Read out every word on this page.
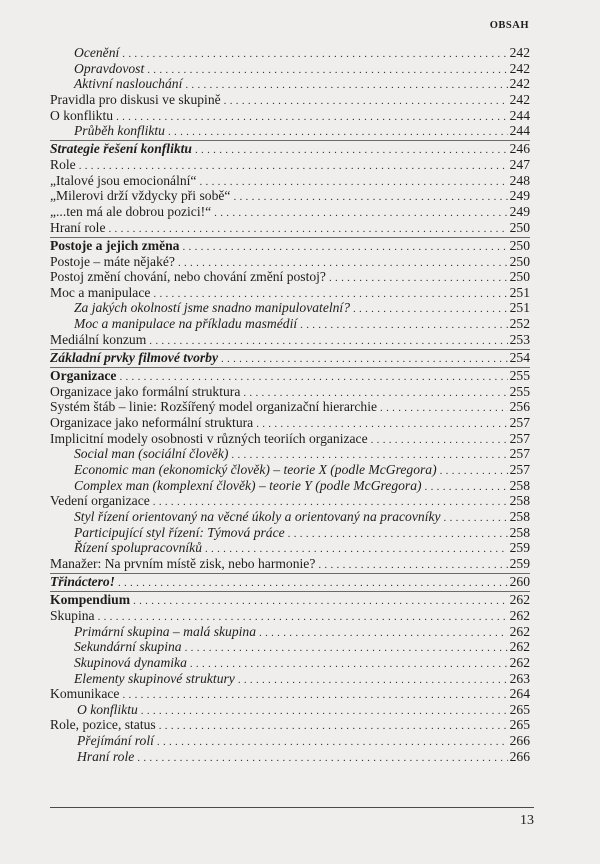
OBSAH
Ocenění .....	242
Opravdovost .....	242
Aktivní naslouchání .....	242
Pravidla pro diskusi ve skupině .....	242
O konfliktu .....	244
Průběh konfliktu .....	244
Strategie řešení konfliktu .....	246
Role .....	247
„Italové jsou emocionální“ .....	248
„Milerovi drží vždycky při sobě“ .....	249
„...ten má ale dobrou pozici!“ .....	249
Hraní role .....	250
Postoje a jejich změna .....	250
Postoje – máte nějaké? .....	250
Postoj změní chování, nebo chování změní postoj? .....	250
Moc a manipulace .....	251
Za jakých okolností jsme snadno manipulovatelní? .....	251
Moc a manipulace na příkladu masmédií .....	252
Mediální konzum .....	253
Základní prvky filmové tvorby .....	254
Organizace .....	255
Organizace jako formální struktura .....	255
Systém štáb – linie: Rozšířený model organizační hierarchie .....	256
Organizace jako neformální struktura .....	257
Implicitní modely osobnosti v různých teoriích organizace .....	257
Social man (sociální člověk) .....	257
Economic man (ekonomický člověk) – teorie X (podle McGregora) .....	257
Complex man (komplexní člověk) – teorie Y (podle McGregora) .....	258
Vedení organizace .....	258
Styl řízení orientovaný na věcné úkoly a orientovaný na pracovníky .....	258
Participující styl řízení: Týmová práce .....	258
Řízení spolupracovníků .....	259
Manažer: Na prvním místě zisk, nebo harmonie? .....	259
Třináctero! .....	260
Kompendium .....	262
Skupina .....	262
Primární skupina – malá skupina .....	262
Sekundární skupina .....	262
Skupinová dynamika .....	262
Elementy skupinové struktury .....	263
Komunikace .....	264
O konfliktu .....	265
Role, pozice, status .....	265
Přejímání rolí .....	266
Hraní role .....	266
13
